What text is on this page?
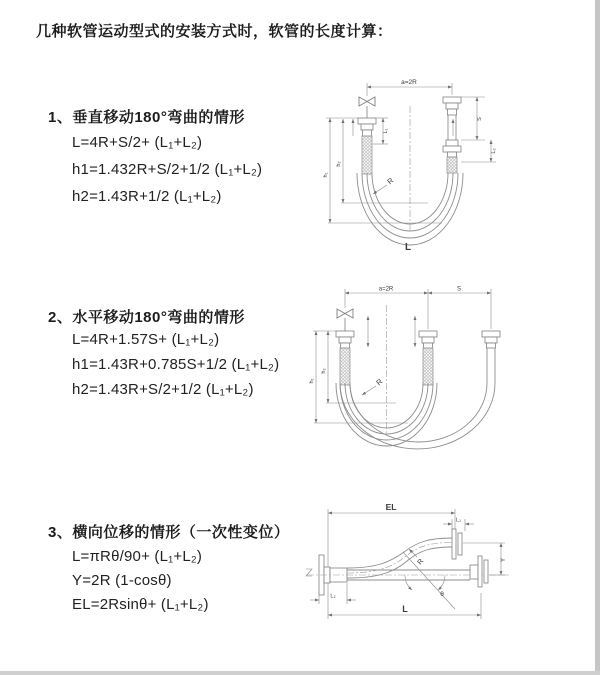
几种软管运动型式的安装方式时，软管的长度计算：
1、垂直移动180°弯曲的情形
L=4R+S/2+ (L₁+L₂)
h1=1.432R+S/2+1/2 (L₁+L₂)
h2=1.43R+1/2 (L₁+L₂)
a=2R
L₁
h₁
h₂
S
L₂
R
L
2、水平移动180°弯曲的情形
L=4R+1.57S+ (L₁+L₂)
h1=1.43R+0.785S+1/2 (L₁+L₂)
h2=1.43R+S/2+1/2 (L₁+L₂)
a=2R	S
h₁
h₂
R
3、横向位移的情形（一次性变位）
L=πRθ/90+ (L₁+L₂)
Y=2R (1-cosθ)
EL=2Rsinθ+ (L₁+L₂)
EL
L₁
L₂
Y
R
θ
L
